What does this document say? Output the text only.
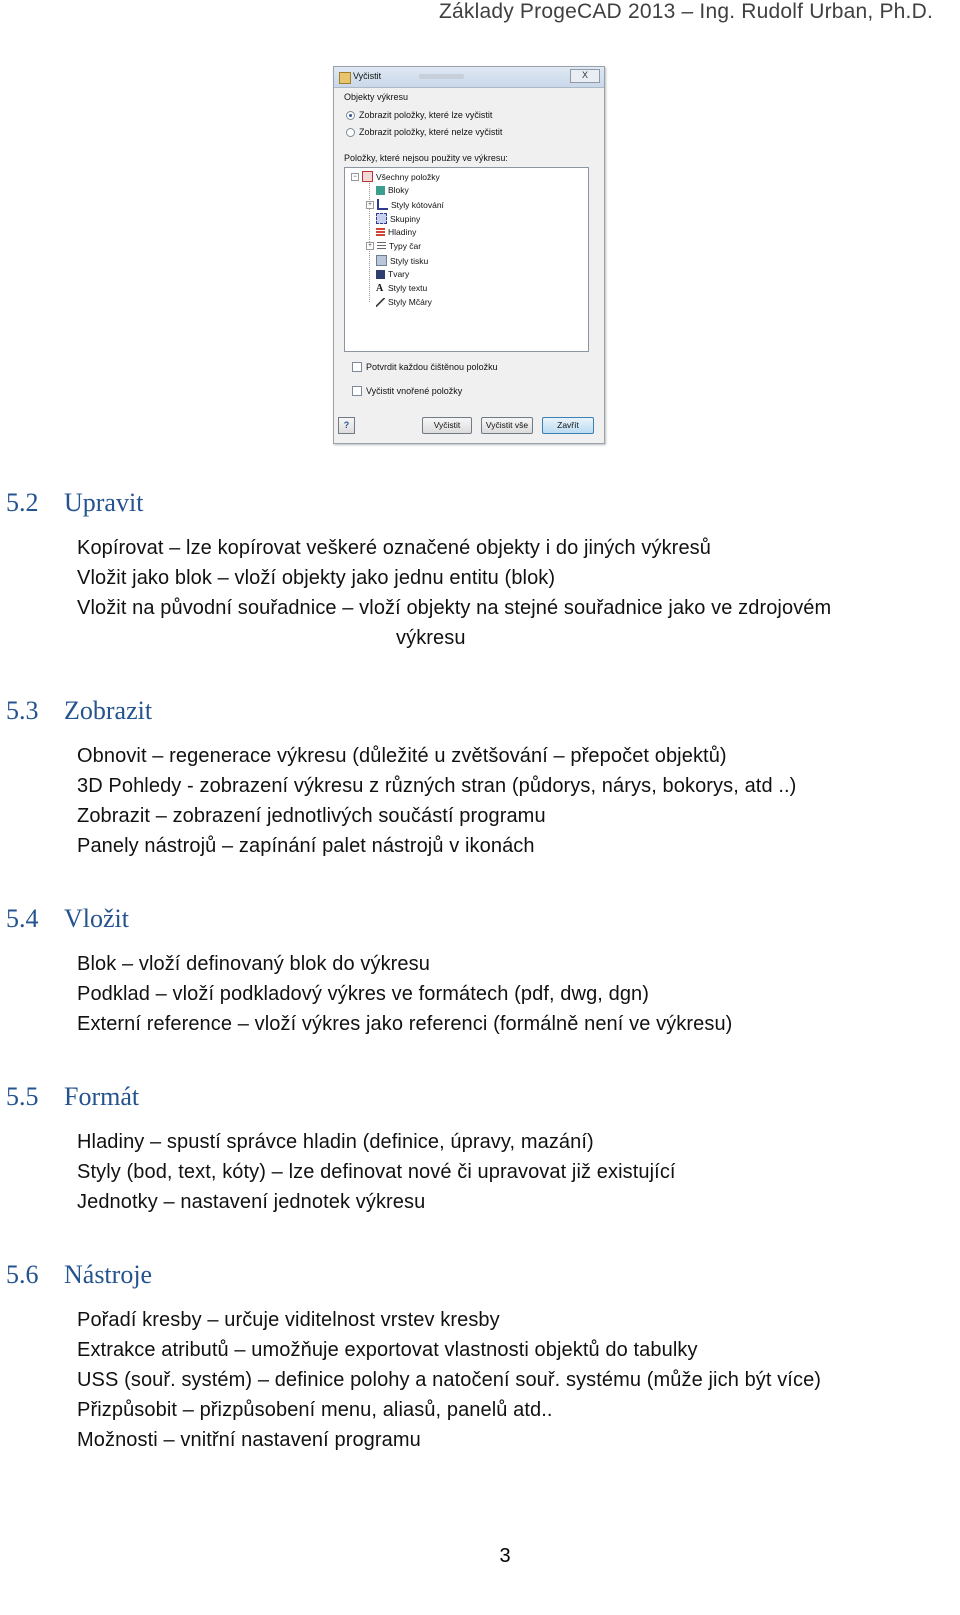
Základy ProgeCAD 2013 – Ing. Rudolf Urban, Ph.D.
Vyčistit	X
Objekty výkresu
Zobrazit položky, které lze vyčistit
Zobrazit položky, které nelze vyčistit
Položky, které nejsou použity ve výkresu:
− Všechny položky
Bloky
+ Styly kótování
Skupiny
Hladiny
+ Typy čar
Styly tisku
Tvary
A Styly textu
Styly Mčáry
Potvrdit každou čištěnou položku
Vyčistit vnořené položky
?	Vyčistit	Vyčistit vše	Zavřít
5.2 Upravit
Kopírovat – lze kopírovat veškeré označené objekty i do jiných výkresů
Vložit jako blok – vloží objekty jako jednu entitu (blok)
Vložit na původní souřadnice – vloží objekty na stejné souřadnice jako ve zdrojovém
výkresu
5.3 Zobrazit
Obnovit – regenerace výkresu (důležité u zvětšování – přepočet objektů)
3D Pohledy - zobrazení výkresu z různých stran (půdorys, nárys, bokorys, atd ..)
Zobrazit – zobrazení jednotlivých součástí programu
Panely nástrojů – zapínání palet nástrojů v ikonách
5.4 Vložit
Blok – vloží definovaný blok do výkresu
Podklad – vloží podkladový výkres ve formátech (pdf, dwg, dgn)
Externí reference – vloží výkres jako referenci (formálně není ve výkresu)
5.5 Formát
Hladiny – spustí správce hladin (definice, úpravy, mazání)
Styly (bod, text, kóty) – lze definovat nové či upravovat již existující
Jednotky – nastavení jednotek výkresu
5.6 Nástroje
Pořadí kresby – určuje viditelnost vrstev kresby
Extrakce atributů – umožňuje exportovat vlastnosti objektů do tabulky
USS (souř. systém) – definice polohy a natočení souř. systému (může jich být více)
Přizpůsobit – přizpůsobení menu, aliasů, panelů atd..
Možnosti – vnitřní nastavení programu
3
